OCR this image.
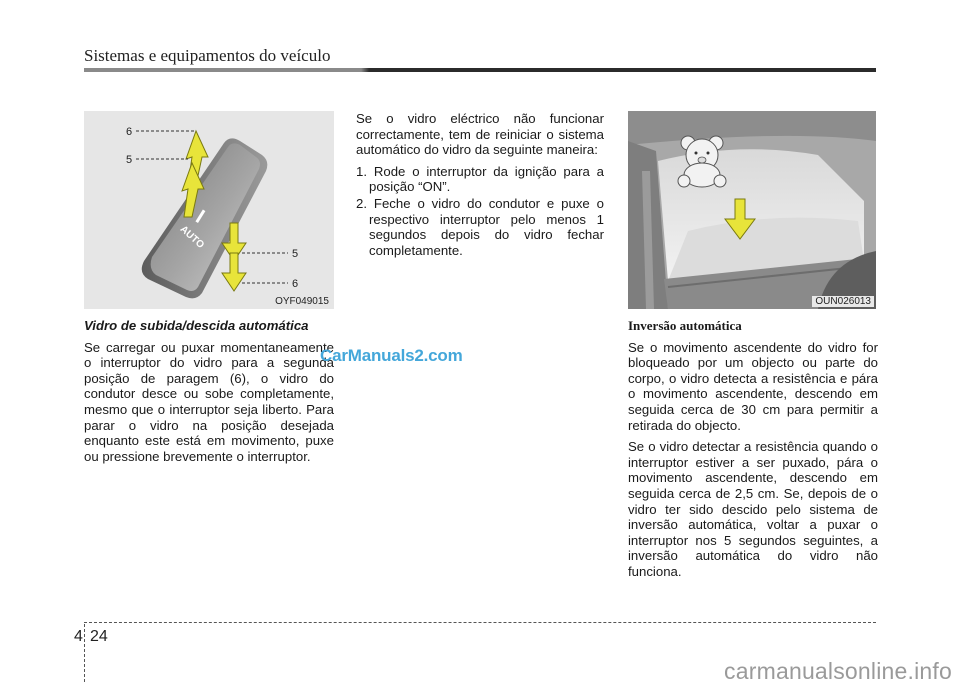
Sistemas e equipamentos do veículo
AUTO
6
5
5
6
OYF049015

Vidro de subida/descida automática

Se carregar ou puxar momentaneamente o interruptor do vidro para a segunda posição de paragem (6), o vidro do condutor desce ou sobe completamente, mesmo que o interruptor seja liberto. Para parar o vidro na posição desejada enquanto este está em movimento, puxe ou pressione brevemente o interruptor.

Se o vidro eléctrico não funcionar correctamente, tem de reiniciar o sistema automático do vidro da seguinte maneira:

1. Rode o interruptor da ignição para a posição “ON”.
2. Feche o vidro do condutor e puxe o respectivo interruptor pelo menos 1 segundos depois do vidro fechar completamente.
OUN026013

Inversão automática

Se o movimento ascendente do vidro for bloqueado por um objecto ou parte do corpo, o vidro detecta a resistência e pára o movimento ascendente, descendo em seguida cerca de 30 cm para permitir a retirada do objecto.

Se o vidro detectar a resistência quando o interruptor estiver a ser puxado, pára o movimento ascendente, descendo em seguida cerca de 2,5 cm. Se, depois de o vidro ter sido descido pelo sistema de inversão automática, voltar a puxar o interruptor nos 5 segundos seguintes, a inversão automática do vidro não funciona.

CarManuals2.com
4 24
carmanualsonline.info
